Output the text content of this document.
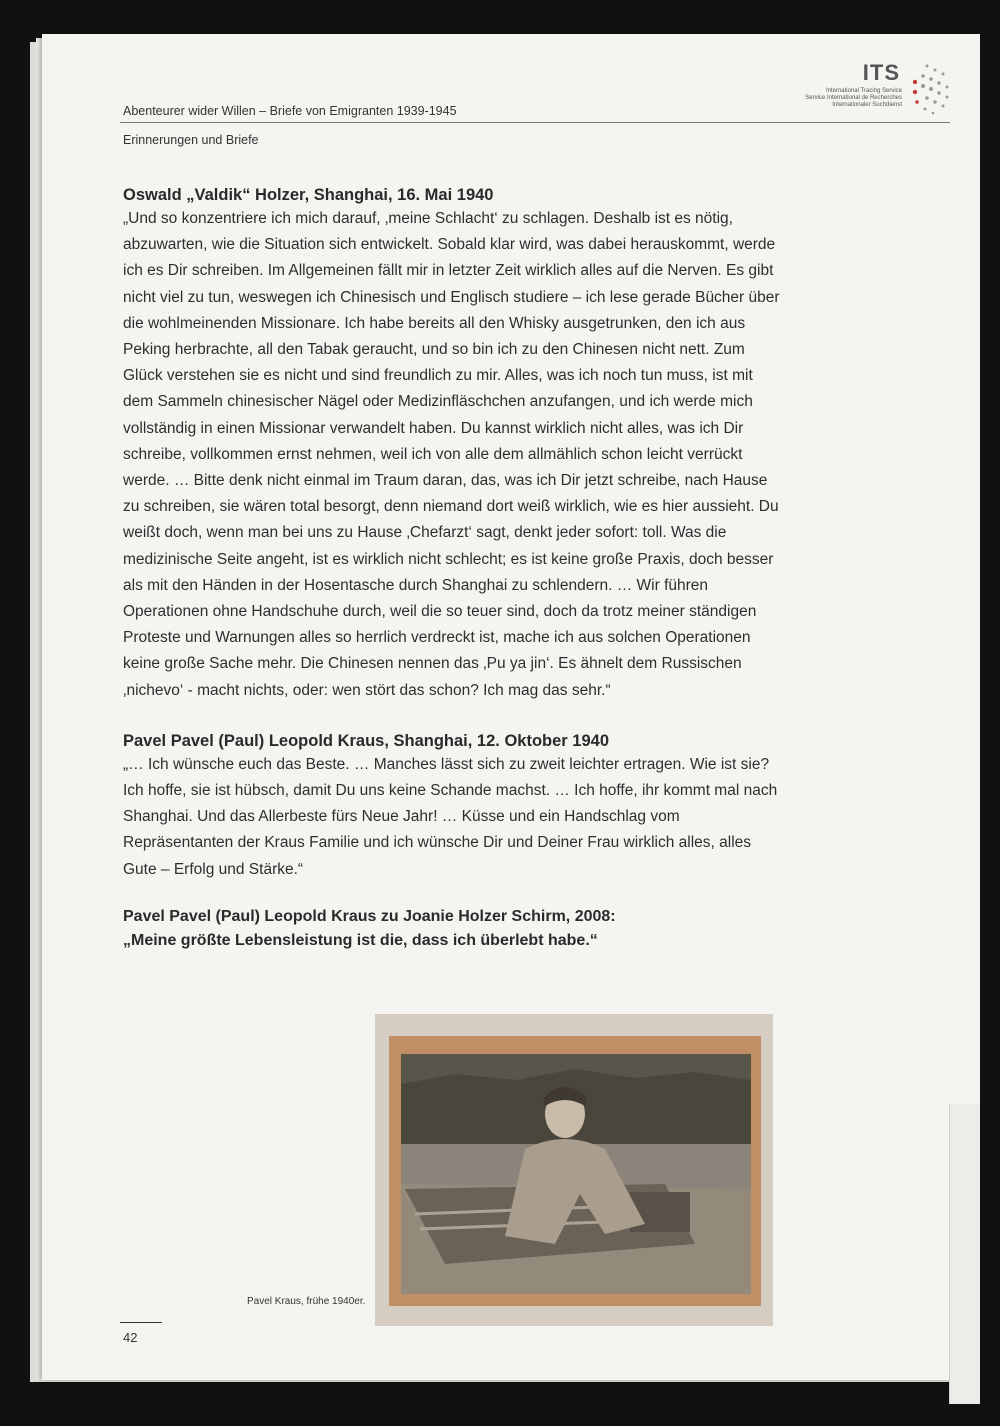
ITS
International Tracing Service
Service International de Recherches
Internationaler Suchdienst
Abenteurer wider Willen – Briefe von Emigranten 1939-1945
Erinnerungen und Briefe
Oswald „Valdik“ Holzer, Shanghai, 16. Mai 1940

„Und so konzentriere ich mich darauf, ‚meine Schlacht‘ zu schlagen. Deshalb ist es nötig, abzuwarten, wie die Situation sich entwickelt. Sobald klar wird, was dabei herauskommt, werde ich es Dir schreiben. Im Allgemeinen fällt mir in letzter Zeit wirklich alles auf die Nerven. Es gibt nicht viel zu tun, weswegen ich Chinesisch und Englisch studiere – ich lese gerade Bücher über die wohlmeinenden Missionare. Ich habe bereits all den Whisky ausgetrunken, den ich aus Peking herbrachte, all den Tabak geraucht, und so bin ich zu den Chinesen nicht nett. Zum Glück verstehen sie es nicht und sind freundlich zu mir. Alles, was ich noch tun muss, ist mit dem Sammeln chinesischer Nägel oder Medizinfläschchen anzufangen, und ich werde mich vollständig in einen Missionar verwandelt haben. Du kannst wirklich nicht alles, was ich Dir schreibe, vollkommen ernst nehmen, weil ich von alle dem allmählich schon leicht verrückt werde. … Bitte denk nicht einmal im Traum daran, das, was ich Dir jetzt schreibe, nach Hause zu schreiben, sie wären total besorgt, denn niemand dort weiß wirklich, wie es hier aussieht. Du weißt doch, wenn man bei uns zu Hause ‚Chefarzt‘ sagt, denkt jeder sofort: toll. Was die medizinische Seite angeht, ist es wirklich nicht schlecht; es ist keine große Praxis, doch besser als mit den Händen in der Hosentasche durch Shanghai zu schlendern. … Wir führen Operationen ohne Handschuhe durch, weil die so teuer sind, doch da trotz meiner ständigen Proteste und Warnungen alles so herrlich verdreckt ist, mache ich aus solchen Operationen keine große Sache mehr. Die Chinesen nennen das ‚Pu ya jin‘. Es ähnelt dem Russischen ‚nichevo‘ - macht nichts, oder: wen stört das schon? Ich mag das sehr.“

Pavel Pavel (Paul) Leopold Kraus, Shanghai, 12. Oktober 1940

„… Ich wünsche euch das Beste. … Manches lässt sich zu zweit leichter ertragen. Wie ist sie? Ich hoffe, sie ist hübsch, damit Du uns keine Schande machst. … Ich hoffe, ihr kommt mal nach Shanghai. Und das Allerbeste fürs Neue Jahr! … Küsse und ein Handschlag vom Repräsentanten der Kraus Familie und ich wünsche Dir und Deiner Frau wirklich alles, alles Gute – Erfolg und Stärke.“

Pavel Pavel (Paul) Leopold Kraus zu Joanie Holzer Schirm, 2008:
„Meine größte Lebensleistung ist die, dass ich überlebt habe.“
Pavel Kraus, frühe 1940er.
42
